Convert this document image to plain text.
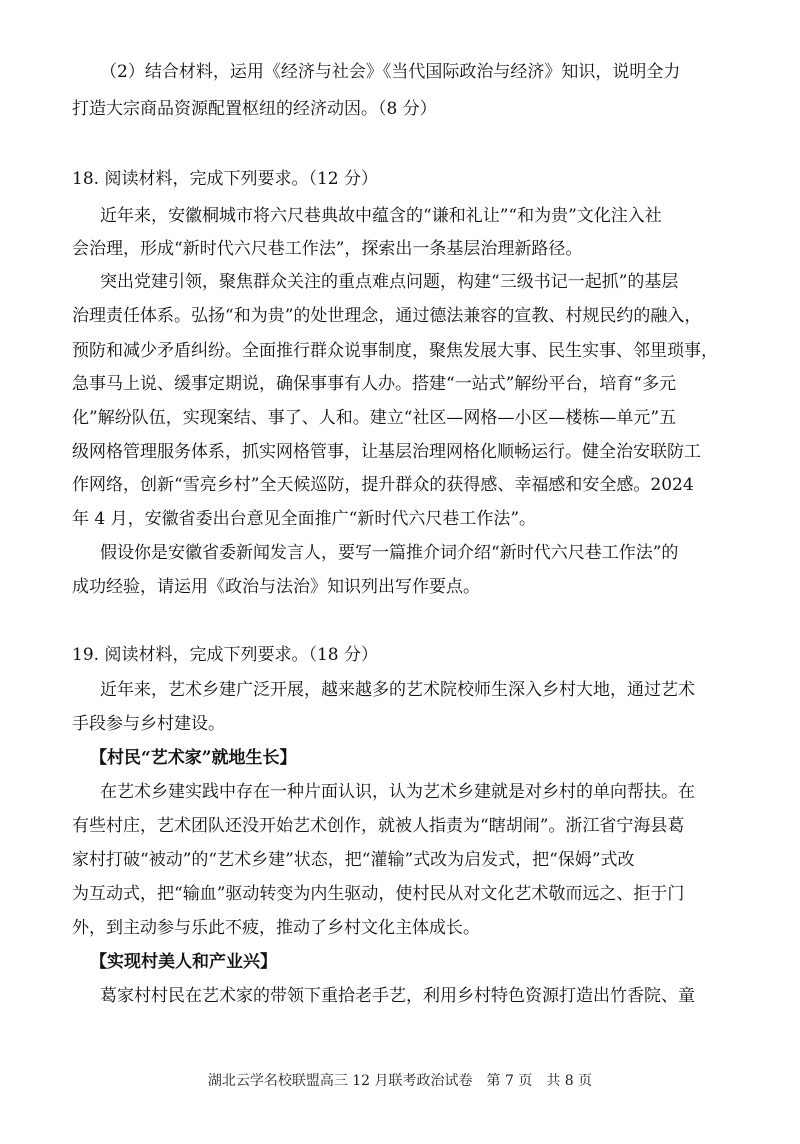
（2）结合材料，运用《经济与社会》《当代国际政治与经济》知识，说明全力
打造大宗商品资源配置枢纽的经济动因。（8 分）
18. 阅读材料，完成下列要求。（12 分）
近年来，安徽桐城市将六尺巷典故中蕴含的“谦和礼让”“和为贵”文化注入社
会治理，形成“新时代六尺巷工作法”，探索出一条基层治理新路径。
突出党建引领，聚焦群众关注的重点难点问题，构建“三级书记一起抓”的基层
治理责任体系。弘扬“和为贵”的处世理念，通过德法兼容的宣教、村规民约的融入，
预防和减少矛盾纠纷。全面推行群众说事制度，聚焦发展大事、民生实事、邻里琐事，
急事马上说、缓事定期说，确保事事有人办。搭建“一站式”解纷平台，培育“多元
化”解纷队伍，实现案结、事了、人和。建立“社区—网格—小区—楼栋—单元”五
级网格管理服务体系，抓实网格管事，让基层治理网格化顺畅运行。健全治安联防工
作网络，创新“雪亮乡村”全天候巡防，提升群众的获得感、幸福感和安全感。2024
年 4 月，安徽省委出台意见全面推广“新时代六尺巷工作法”。
假设你是安徽省委新闻发言人，要写一篇推介词介绍“新时代六尺巷工作法”的
成功经验，请运用《政治与法治》知识列出写作要点。
19. 阅读材料，完成下列要求。（18 分）
近年来，艺术乡建广泛开展，越来越多的艺术院校师生深入乡村大地，通过艺术
手段参与乡村建设。
【村民“艺术家”就地生长】
在艺术乡建实践中存在一种片面认识，认为艺术乡建就是对乡村的单向帮扶。在
有些村庄，艺术团队还没开始艺术创作，就被人指责为“瞎胡闹”。浙江省宁海县葛
家村打破“被动”的“艺术乡建”状态，把“灌输”式改为启发式，把“保姆”式改
为互动式，把“输血”驱动转变为内生驱动，使村民从对文化艺术敬而远之、拒于门
外，到主动参与乐此不疲，推动了乡村文化主体成长。
【实现村美人和产业兴】
葛家村村民在艺术家的带领下重拾老手艺，利用乡村特色资源打造出竹香院、童
湖北云学名校联盟高三 12 月联考政治试卷　第 7 页　共 8 页
